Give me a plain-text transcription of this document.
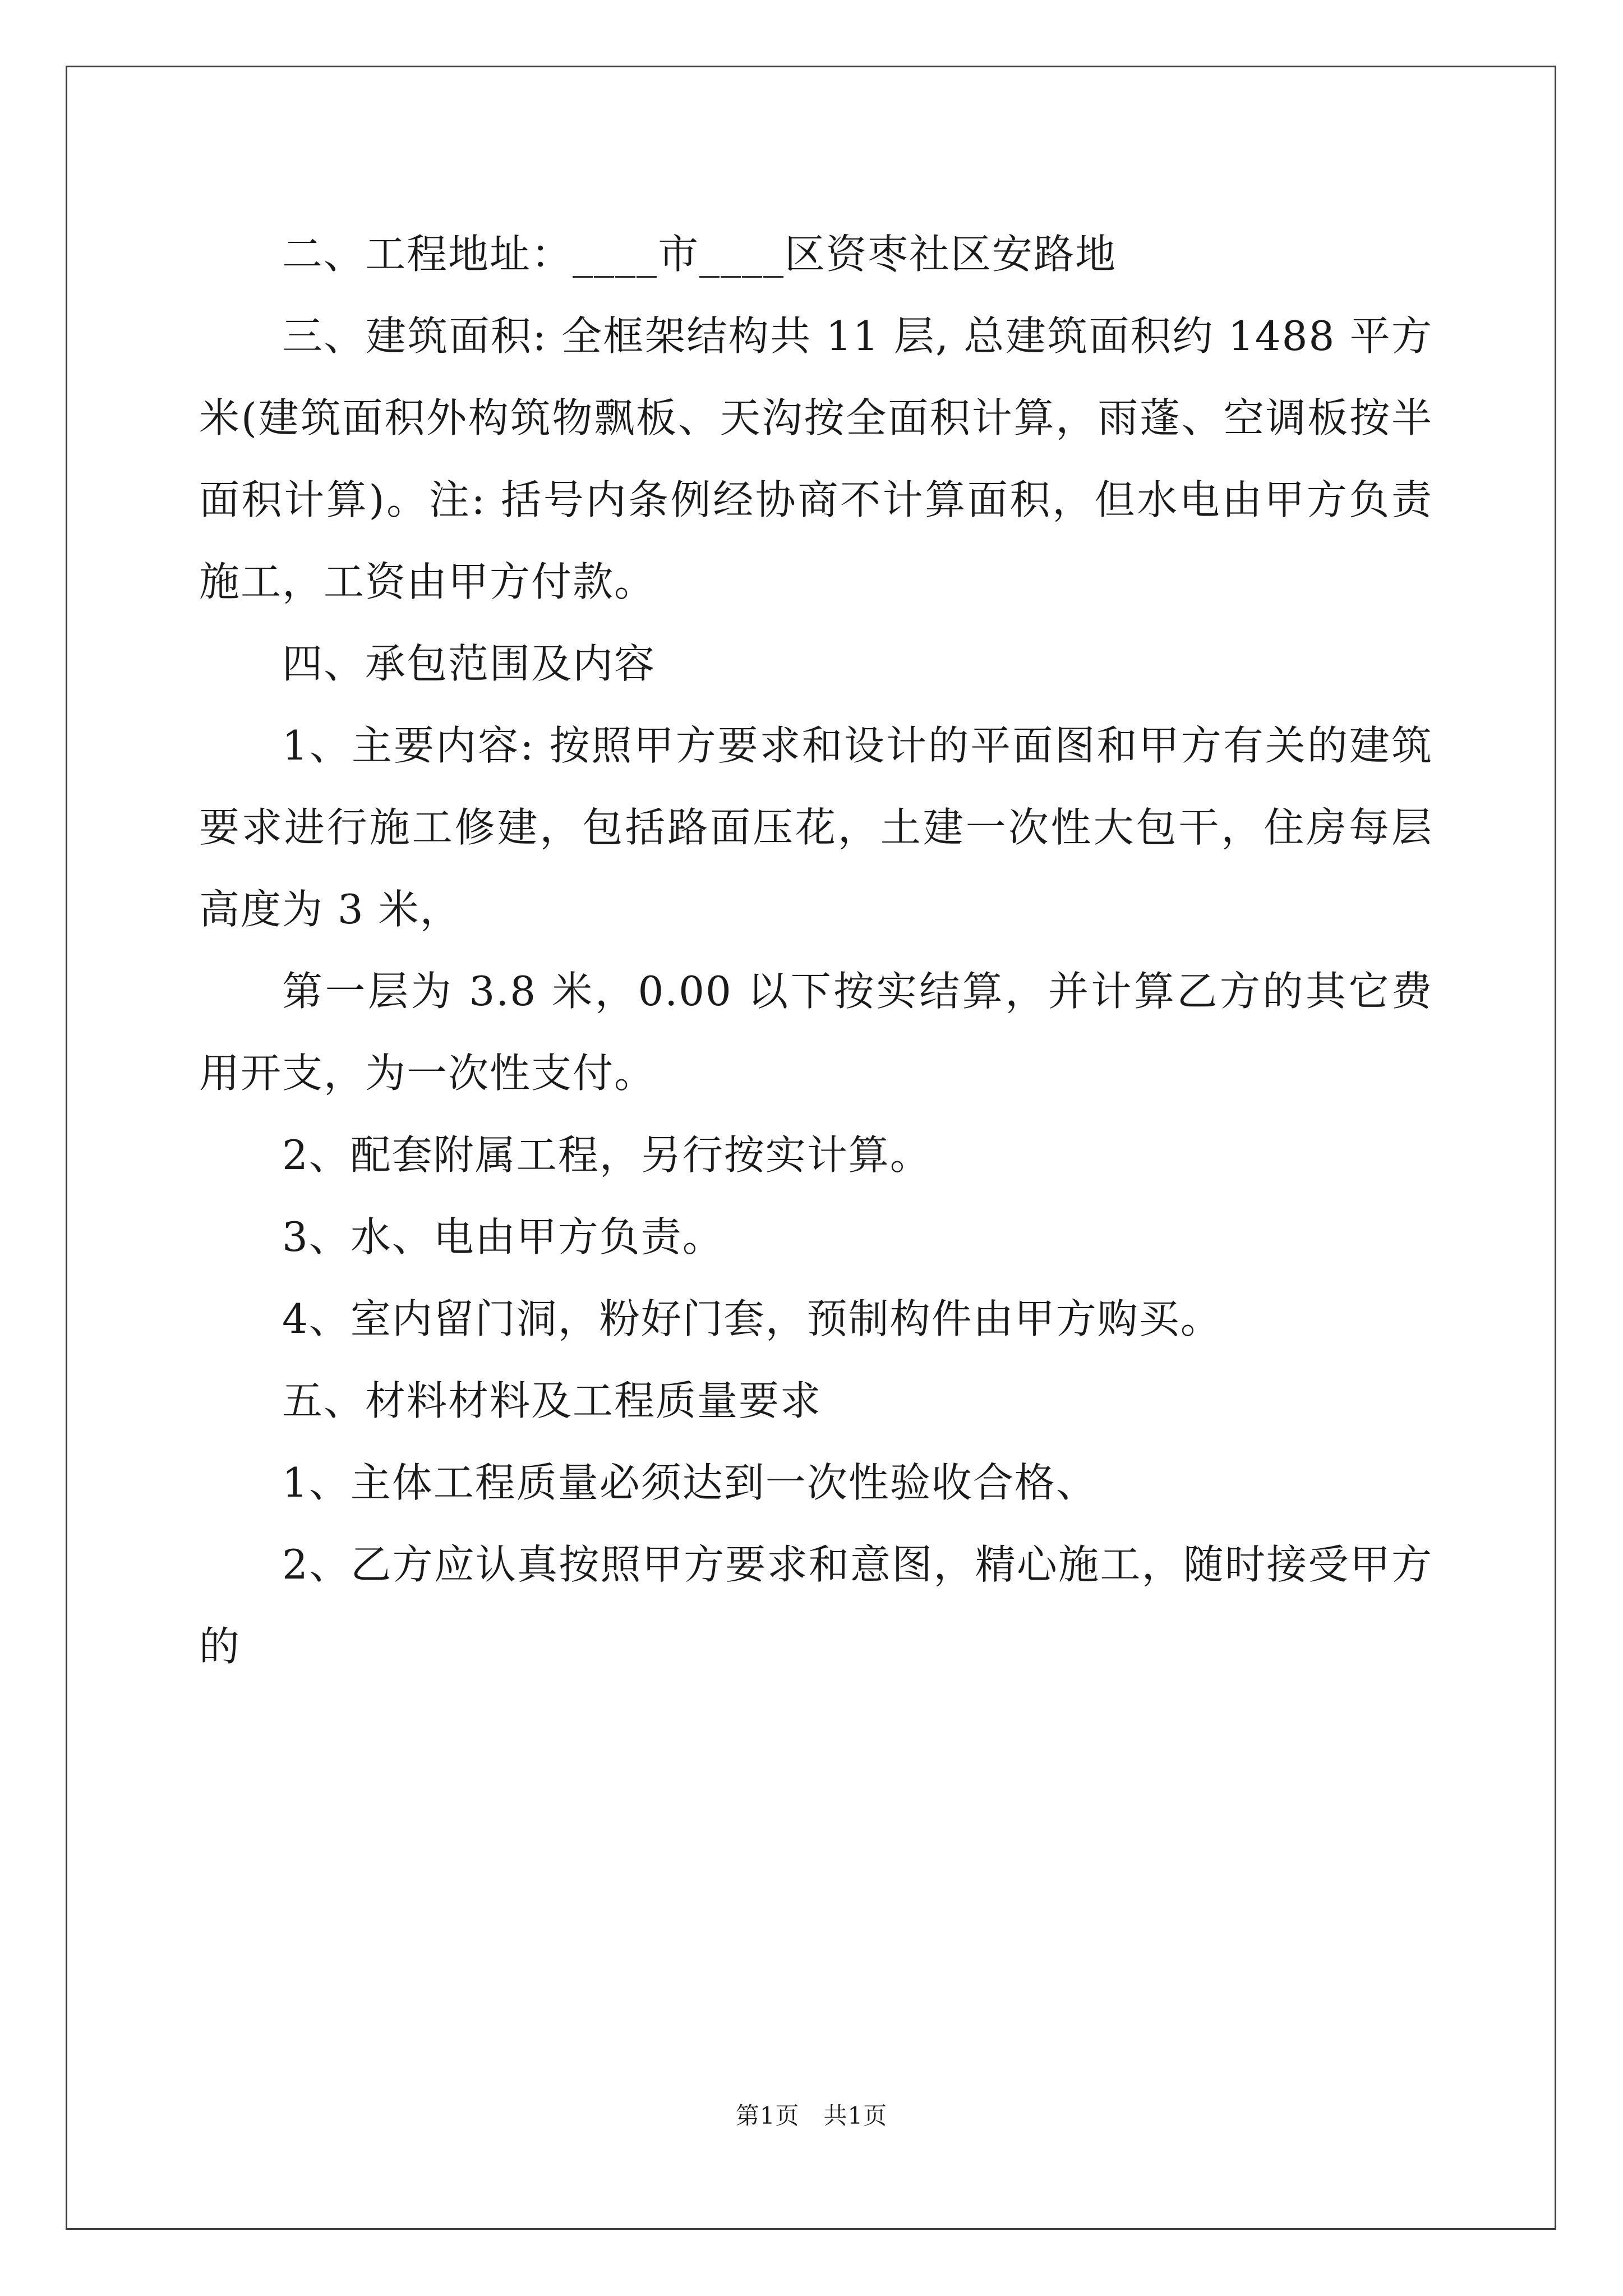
二、工程地址：____市____区资枣社区安路地

三、建筑面积: 全框架结构共 11 层, 总建筑面积约 1488 平方米(建筑面积外构筑物飘板、天沟按全面积计算，雨蓬、空调板按半面积计算)。注: 括号内条例经协商不计算面积，但水电由甲方负责施工，工资由甲方付款。

四、承包范围及内容

1、主要内容: 按照甲方要求和设计的平面图和甲方有关的建筑要求进行施工修建，包括路面压花，土建一次性大包干，住房每层高度为 3 米，

第一层为 3.8 米，0.00 以下按实结算，并计算乙方的其它费用开支，为一次性支付。

2、配套附属工程，另行按实计算。

3、水、电由甲方负责。

4、室内留门洞，粉好门套，预制构件由甲方购买。

五、材料材料及工程质量要求

1、主体工程质量必须达到一次性验收合格、

2、乙方应认真按照甲方要求和意图，精心施工，随时接受甲方的

第1页　共1页
